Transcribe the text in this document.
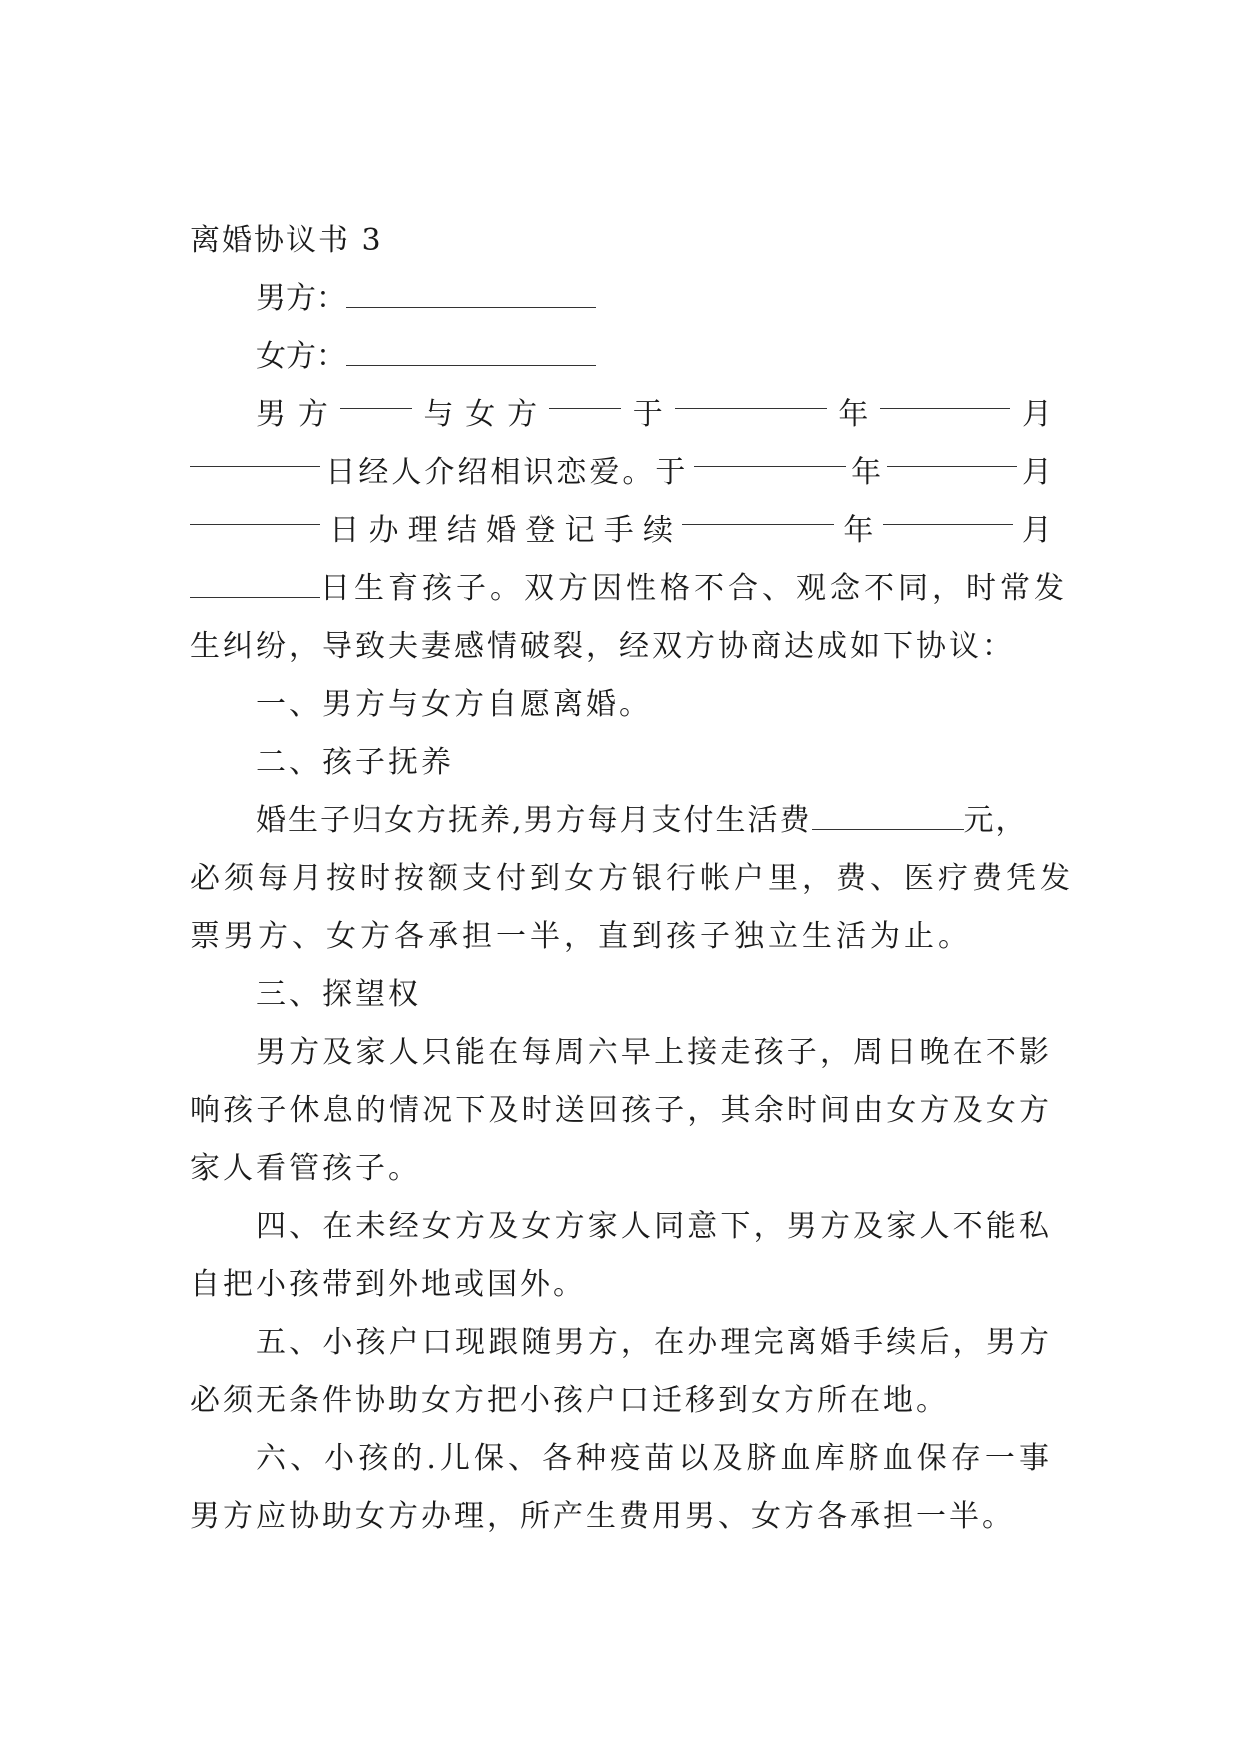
离婚协议书 3

男方：

女方：

男 方	与 女 方	于	年	月

日经人介绍相识恋爱。于	年	月

日 办 理 结 婚 登 记 手 续	年	月

日生育孩子。双方因性格不合、观念不同，时常发

生纠纷，导致夫妻感情破裂，经双方协商达成如下协议：

一、男方与女方自愿离婚。

二、孩子抚养

婚生子归女方抚养,男方每月支付生活费	元，

必须每月按时按额支付到女方银行帐户里，费、医疗费凭发

票男方、女方各承担一半，直到孩子独立生活为止。

三、探望权

男方及家人只能在每周六早上接走孩子，周日晚在不影响孩子休息的情况下及时送回孩子，其余时间由女方及女方家人看管孩子。

四、在未经女方及女方家人同意下，男方及家人不能私自把小孩带到外地或国外。

五、小孩户口现跟随男方，在办理完离婚手续后，男方必须无条件协助女方把小孩户口迁移到女方所在地。

六、小孩的.儿保、各种疫苗以及脐血库脐血保存一事男方应协助女方办理，所产生费用男、女方各承担一半。
